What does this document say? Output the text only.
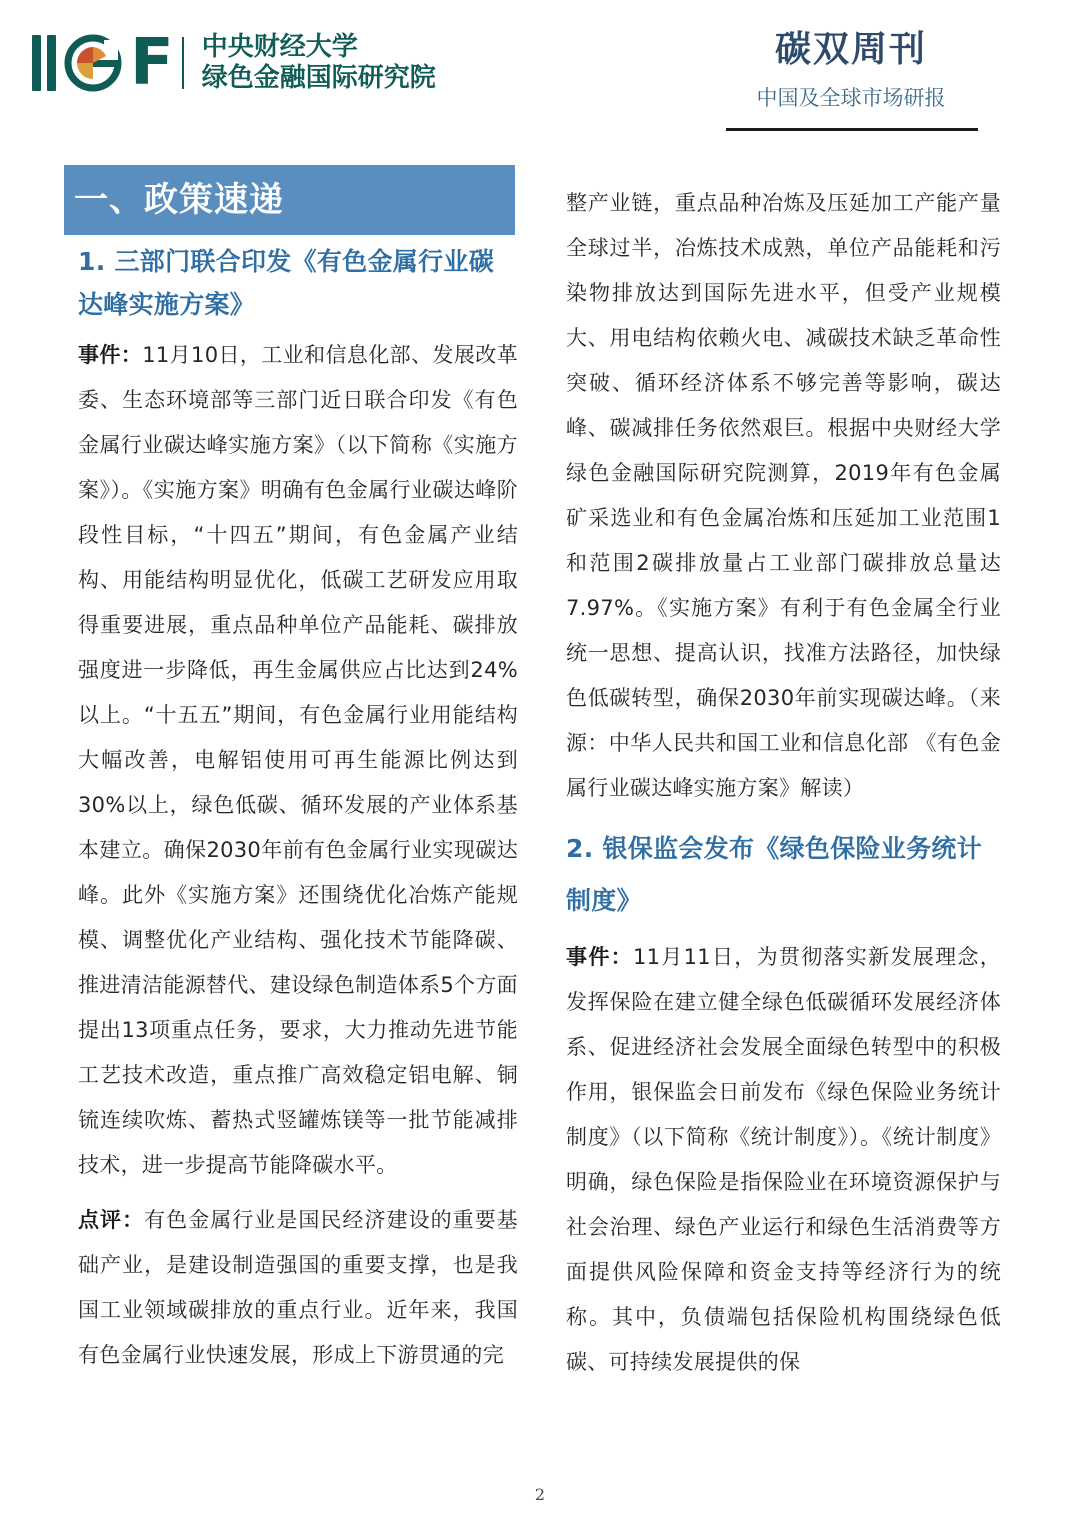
F 中央财经大学
绿色金融国际研究院
碳双周刊
中国及全球市场研报
一、政策速递
1. 三部门联合印发《有色金属行业碳达峰实施方案》

事件：11月10日，工业和信息化部、发展改革委、生态环境部等三部门近日联合印发《有色金属行业碳达峰实施方案》（以下简称《实施方案》）。《实施方案》明确有色金属行业碳达峰阶段性目标，“十四五”期间，有色金属产业结构、用能结构明显优化，低碳工艺研发应用取得重要进展，重点品种单位产品能耗、碳排放强度进一步降低，再生金属供应占比达到24%以上。“十五五”期间，有色金属行业用能结构大幅改善，电解铝使用可再生能源比例达到30%以上，绿色低碳、循环发展的产业体系基本建立。确保2030年前有色金属行业实现碳达峰。此外《实施方案》还围绕优化冶炼产能规模、调整优化产业结构、强化技术节能降碳、推进清洁能源替代、建设绿色制造体系5个方面提出13项重点任务，要求，大力推动先进节能工艺技术改造，重点推广高效稳定铝电解、铜锍连续吹炼、蓄热式竖罐炼镁等一批节能减排技术，进一步提高节能降碳水平。

点评：有色金属行业是国民经济建设的重要基础产业，是建设制造强国的重要支撑，也是我国工业领域碳排放的重点行业。近年来，我国有色金属行业快速发展，形成上下游贯通的完

整产业链，重点品种冶炼及压延加工产能产量全球过半，冶炼技术成熟，单位产品能耗和污染物排放达到国际先进水平，但受产业规模大、用电结构依赖火电、减碳技术缺乏革命性突破、循环经济体系不够完善等影响，碳达峰、碳减排任务依然艰巨。根据中央财经大学绿色金融国际研究院测算，2019年有色金属矿采选业和有色金属冶炼和压延加工业范围1和范围2碳排放量占工业部门碳排放总量达7.97%。《实施方案》有利于有色金属全行业统一思想、提高认识，找准方法路径，加快绿色低碳转型，确保2030年前实现碳达峰。（来源：中华人民共和国工业和信息化部 《有色金属行业碳达峰实施方案》解读）

2. 银保监会发布《绿色保险业务统计制度》

事件：11月11日，为贯彻落实新发展理念，发挥保险在建立健全绿色低碳循环发展经济体系、促进经济社会发展全面绿色转型中的积极作用，银保监会日前发布《绿色保险业务统计制度》（以下简称《统计制度》）。《统计制度》明确，绿色保险是指保险业在环境资源保护与社会治理、绿色产业运行和绿色生活消费等方面提供风险保障和资金支持等经济行为的统称。其中，负债端包括保险机构围绕绿色低碳、可持续发展提供的保

2
